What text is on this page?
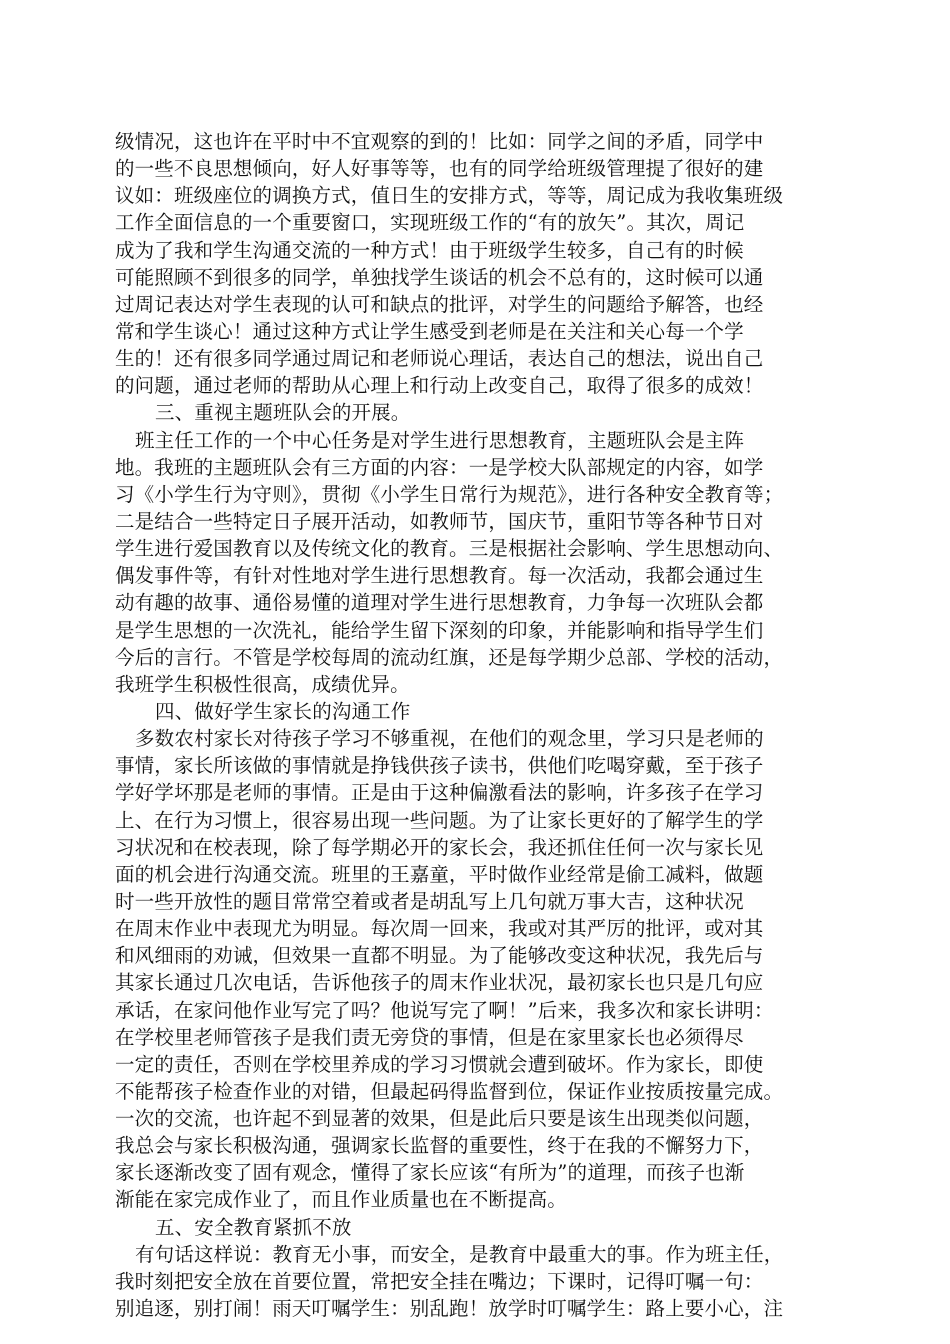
级情况，这也许在平时中不宜观察的到的！比如：同学之间的矛盾，同学中
的一些不良思想倾向，好人好事等等，也有的同学给班级管理提了很好的建
议如：班级座位的调换方式，值日生的安排方式，等等，周记成为我收集班级
工作全面信息的一个重要窗口，实现班级工作的“有的放矢”。其次，周记
成为了我和学生沟通交流的一种方式！由于班级学生较多，自己有的时候
可能照顾不到很多的同学，单独找学生谈话的机会不总有的，这时候可以通
过周记表达对学生表现的认可和缺点的批评，对学生的问题给予解答，也经
常和学生谈心！通过这种方式让学生感受到老师是在关注和关心每一个学
生的！还有很多同学通过周记和老师说心理话，表达自己的想法，说出自己
的问题，通过老师的帮助从心理上和行动上改变自己，取得了很多的成效！
三、重视主题班队会的开展。
班主任工作的一个中心任务是对学生进行思想教育，主题班队会是主阵
地。我班的主题班队会有三方面的内容：一是学校大队部规定的内容，如学
习《小学生行为守则》，贯彻《小学生日常行为规范》，进行各种安全教育等；
二是结合一些特定日子展开活动，如教师节，国庆节，重阳节等各种节日对
学生进行爱国教育以及传统文化的教育。三是根据社会影响、学生思想动向、
偶发事件等，有针对性地对学生进行思想教育。每一次活动，我都会通过生
动有趣的故事、通俗易懂的道理对学生进行思想教育，力争每一次班队会都
是学生思想的一次洗礼，能给学生留下深刻的印象，并能影响和指导学生们
今后的言行。不管是学校每周的流动红旗，还是每学期少总部、学校的活动，
我班学生积极性很高，成绩优异。
四、做好学生家长的沟通工作
多数农村家长对待孩子学习不够重视，在他们的观念里，学习只是老师的
事情，家长所该做的事情就是挣钱供孩子读书，供他们吃喝穿戴，至于孩子
学好学坏那是老师的事情。正是由于这种偏激看法的影响，许多孩子在学习
上、在行为习惯上，很容易出现一些问题。为了让家长更好的了解学生的学
习状况和在校表现，除了每学期必开的家长会，我还抓住任何一次与家长见
面的机会进行沟通交流。班里的王嘉童，平时做作业经常是偷工减料，做题
时一些开放性的题目常常空着或者是胡乱写上几句就万事大吉，这种状况
在周末作业中表现尤为明显。每次周一回来，我或对其严厉的批评，或对其
和风细雨的劝诫，但效果一直都不明显。为了能够改变这种状况，我先后与
其家长通过几次电话，告诉他孩子的周末作业状况，最初家长也只是几句应
承话，在家问他作业写完了吗？他说写完了啊！”后来，我多次和家长讲明：
在学校里老师管孩子是我们责无旁贷的事情，但是在家里家长也必须得尽
一定的责任，否则在学校里养成的学习习惯就会遭到破坏。作为家长，即使
不能帮孩子检查作业的对错，但最起码得监督到位，保证作业按质按量完成。
一次的交流，也许起不到显著的效果，但是此后只要是该生出现类似问题，
我总会与家长积极沟通，强调家长监督的重要性，终于在我的不懈努力下，
家长逐渐改变了固有观念，懂得了家长应该“有所为”的道理，而孩子也渐
渐能在家完成作业了，而且作业质量也在不断提高。
五、安全教育紧抓不放
有句话这样说：教育无小事，而安全，是教育中最重大的事。作为班主任，
我时刻把安全放在首要位置，常把安全挂在嘴边；下课时，记得叮嘱一句：
别追逐，别打闹！雨天叮嘱学生：别乱跑！放学时叮嘱学生：路上要小心，注
